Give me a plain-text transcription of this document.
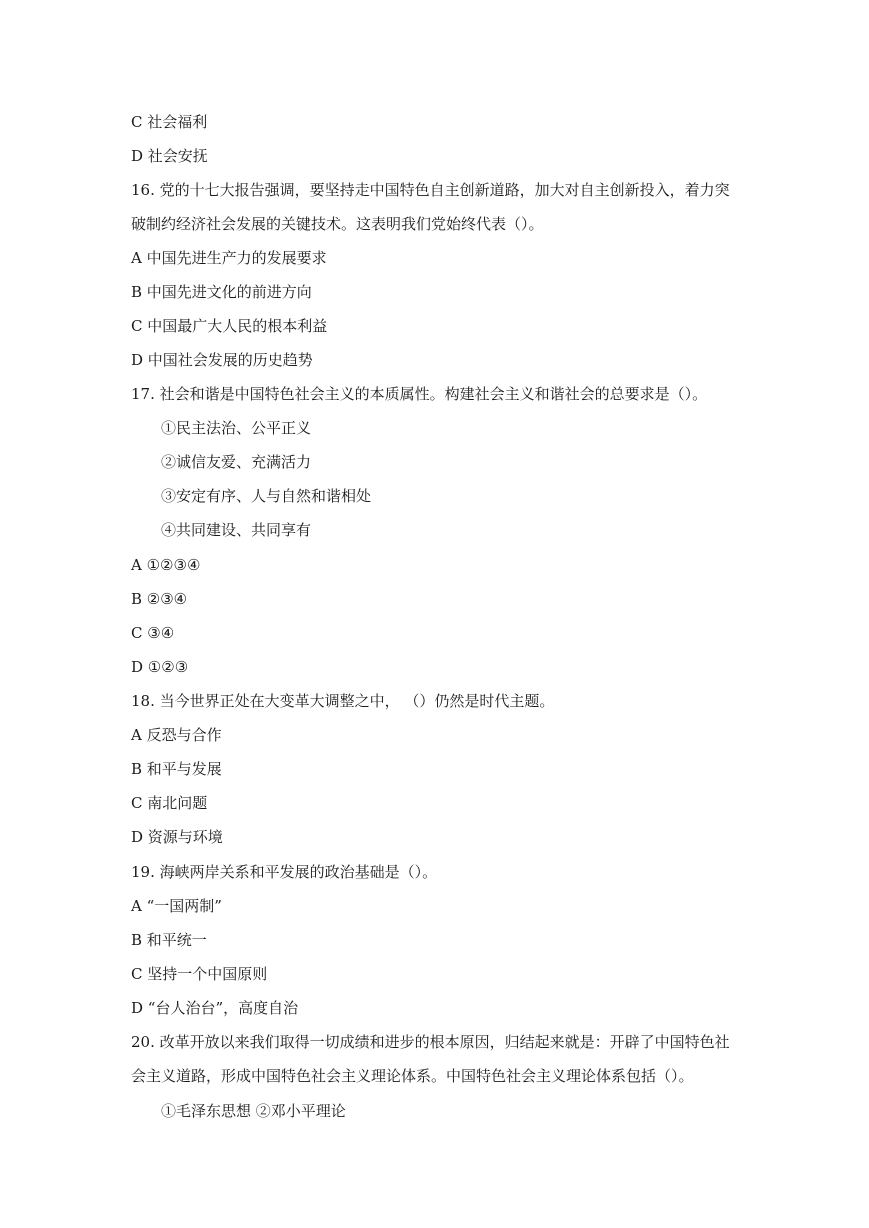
C 社会福利

D 社会安抚

16. 党的十七大报告强调，要坚持走中国特色自主创新道路，加大对自主创新投入，着力突

破制约经济社会发展的关键技术。这表明我们党始终代表（）。

A 中国先进生产力的发展要求

B 中国先进文化的前进方向

C 中国最广大人民的根本利益

D 中国社会发展的历史趋势

17. 社会和谐是中国特色社会主义的本质属性。构建社会主义和谐社会的总要求是（）。

①民主法治、公平正义

②诚信友爱、充满活力

③安定有序、人与自然和谐相处

④共同建设、共同享有

A ①②③④

B ②③④

C ③④

D ①②③

18. 当今世界正处在大变革大调整之中， （）仍然是时代主题。

A 反恐与合作

B 和平与发展

C 南北问题

D 资源与环境

19. 海峡两岸关系和平发展的政治基础是（）。

A “一国两制”

B 和平统一

C 坚持一个中国原则

D “台人治台”，高度自治

20. 改革开放以来我们取得一切成绩和进步的根本原因，归结起来就是：开辟了中国特色社

会主义道路，形成中国特色社会主义理论体系。中国特色社会主义理论体系包括（）。

①毛泽东思想 ②邓小平理论
